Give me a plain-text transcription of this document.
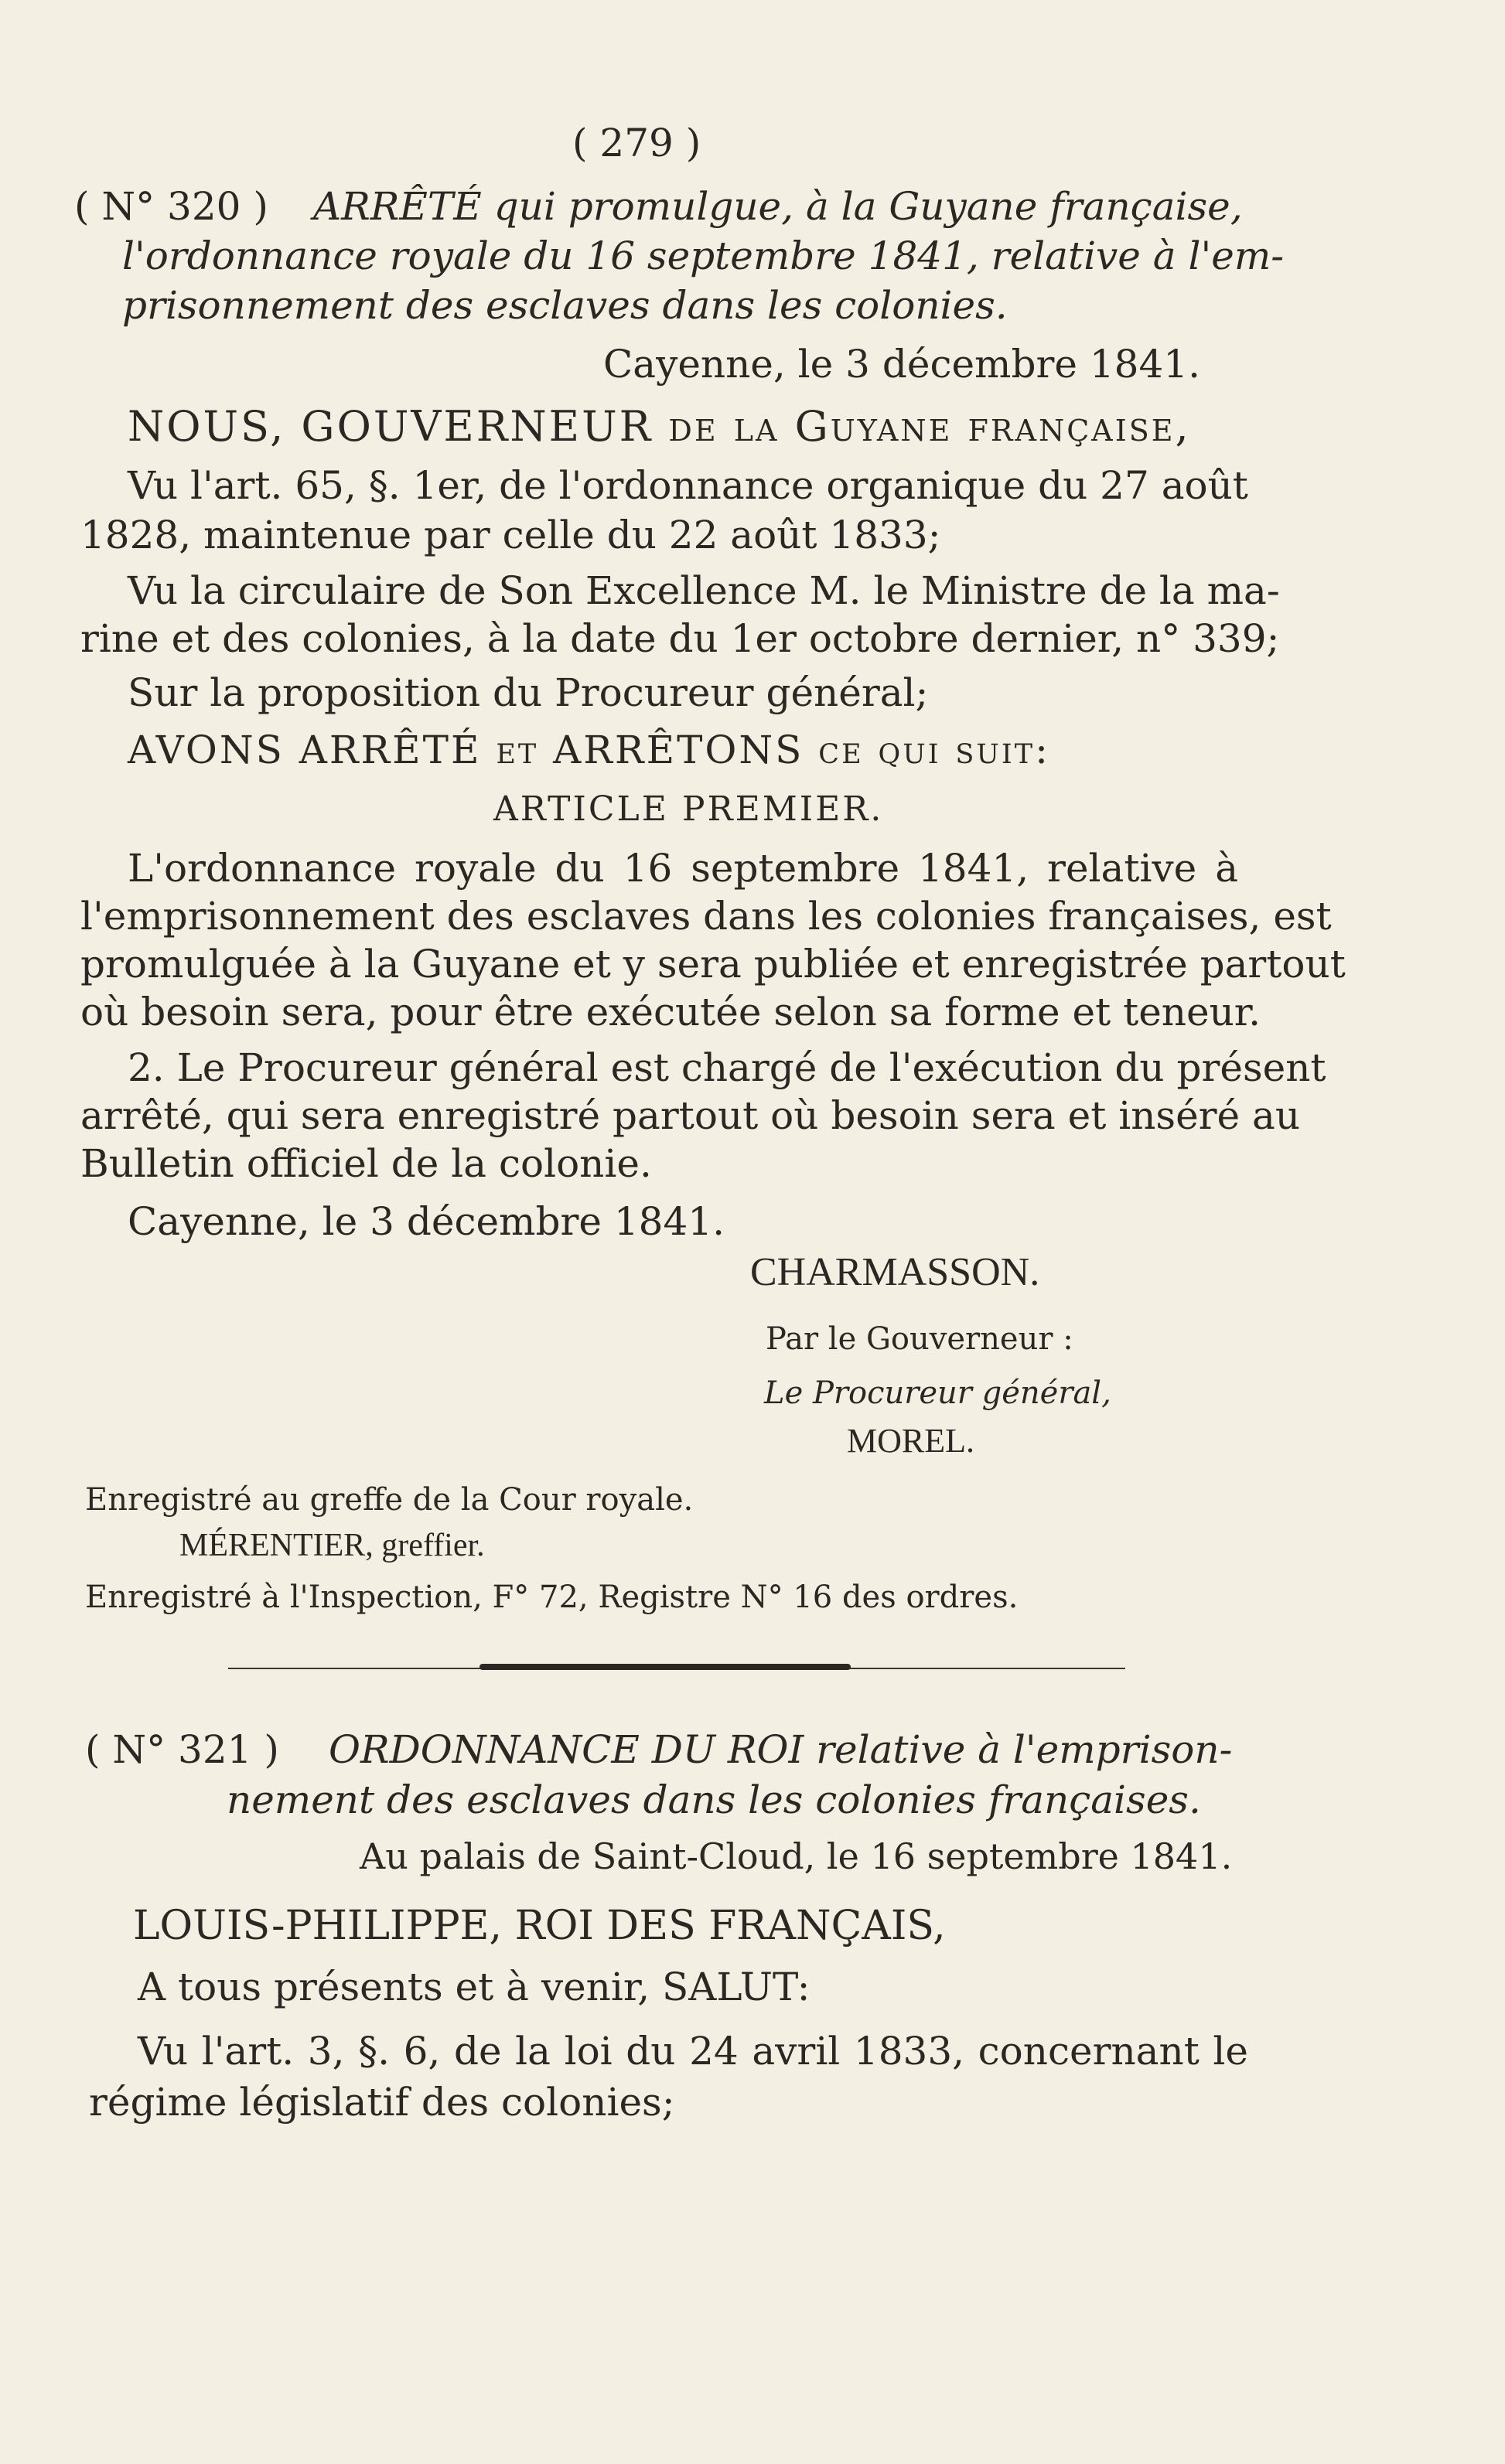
( 279 )
( N° 320 ) ARRÊTÉ qui promulgue, à la Guyane française,
l'ordonnance royale du 16 septembre 1841, relative à l'em-
prisonnement des esclaves dans les colonies.
Cayenne, le 3 décembre 1841.
NOUS, GOUVERNEUR de la Guyane française,
Vu l'art. 65, §. 1er, de l'ordonnance organique du 27 août
1828, maintenue par celle du 22 août 1833;
Vu la circulaire de Son Excellence M. le Ministre de la ma-
rine et des colonies, à la date du 1er octobre dernier, n° 339;
Sur la proposition du Procureur général;
AVONS ARRÊTÉ et ARRÊTONS ce qui suit:
ARTICLE PREMIER.
L'ordonnance royale du 16 septembre 1841, relative à
l'emprisonnement des esclaves dans les colonies françaises, est
promulguée à la Guyane et y sera publiée et enregistrée partout
où besoin sera, pour être exécutée selon sa forme et teneur.
2. Le Procureur général est chargé de l'exécution du présent
arrêté, qui sera enregistré partout où besoin sera et inséré au
Bulletin officiel de la colonie.
Cayenne, le 3 décembre 1841.
CHARMASSON.
Par le Gouverneur :
Le Procureur général,
MOREL.
Enregistré au greffe de la Cour royale.
MÉRENTIER, greffier.
Enregistré à l'Inspection, F° 72, Registre N° 16 des ordres.
( N° 321 ) ORDONNANCE DU ROI relative à l'emprison-
nement des esclaves dans les colonies françaises.
Au palais de Saint-Cloud, le 16 septembre 1841.
LOUIS-PHILIPPE, ROI DES FRANÇAIS,
A tous présents et à venir, SALUT:
Vu l'art. 3, §. 6, de la loi du 24 avril 1833, concernant le
régime législatif des colonies;
